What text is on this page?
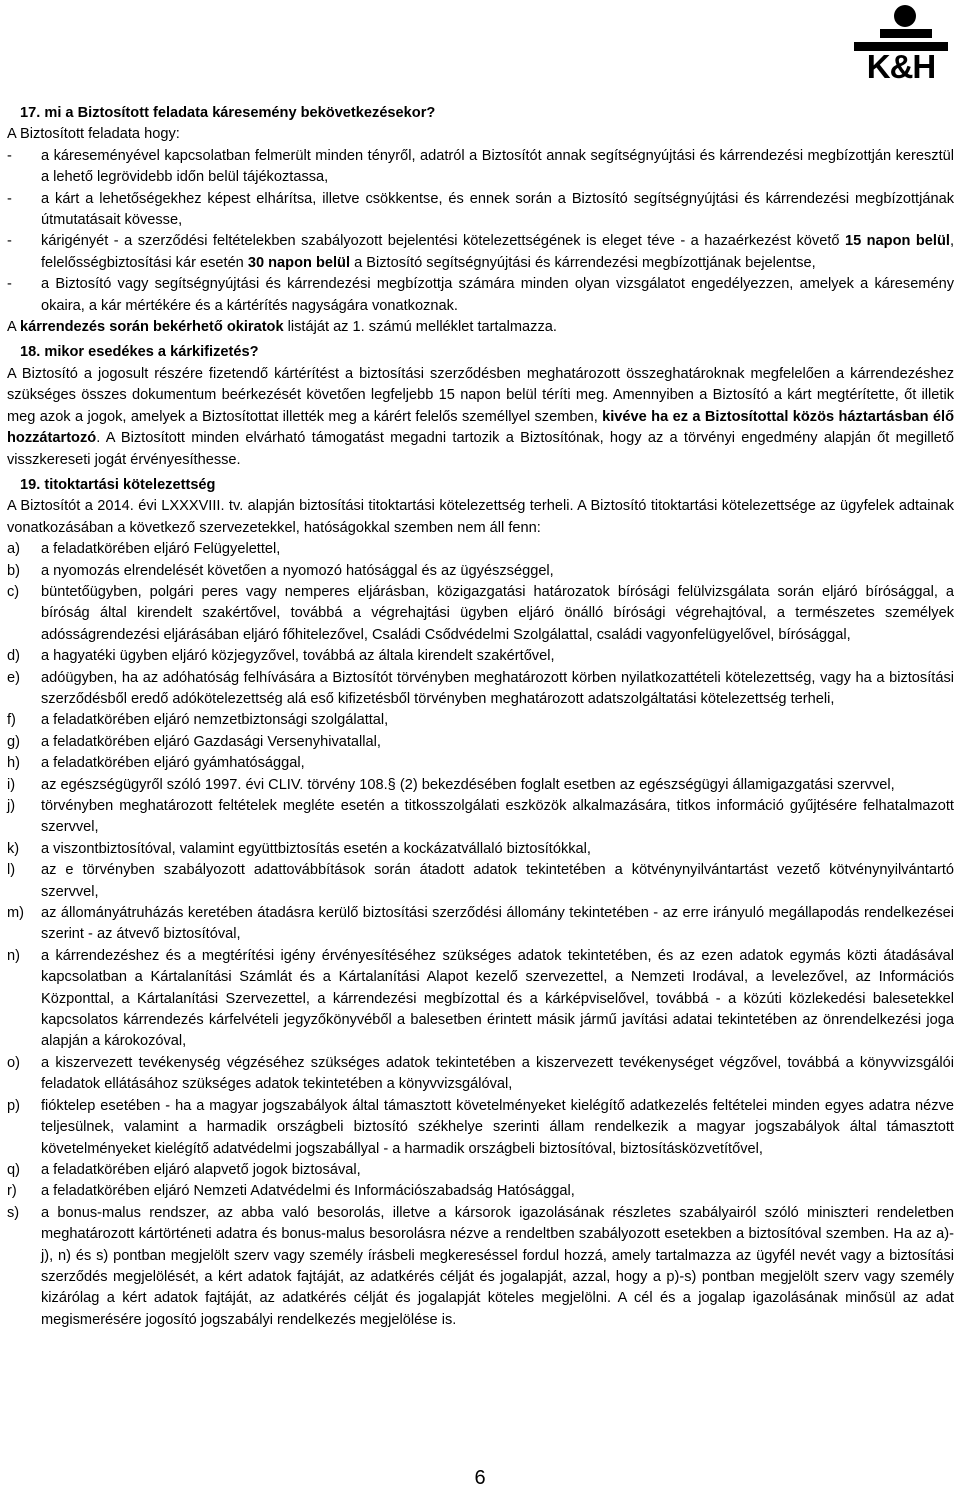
K&H

17. mi a Biztosított feladata káresemény bekövetkezésekor?

A Biztosított feladata hogy:

-	a káreseményével kapcsolatban felmerült minden tényről, adatról a Biztosítót annak segítségnyújtási és kárrendezési megbízottján keresztül a lehető legrövidebb időn belül tájékoztassa,
-	a kárt a lehetőségekhez képest elhárítsa, illetve csökkentse, és ennek során a Biztosító segítségnyújtási és kárrendezési megbízottjának útmutatásait kövesse,
-	kárigényét - a szerződési feltételekben szabályozott bejelentési kötelezettségének is eleget téve - a hazaérkezést követő 15 napon belül, felelősségbiztosítási kár esetén 30 napon belül a Biztosító segítségnyújtási és kárrendezési megbízottjának bejelentse,
-	a Biztosító vagy segítségnyújtási és kárrendezési megbízottja számára minden olyan vizsgálatot engedélyezzen, amelyek a káresemény okaira, a kár mértékére és a kártérítés nagyságára vonatkoznak.

A kárrendezés során bekérhető okiratok listáját az 1. számú melléklet tartalmazza.

18. mikor esedékes a kárkifizetés?

A Biztosító a jogosult részére fizetendő kártérítést a biztosítási szerződésben meghatározott összeghatároknak megfelelően a kárrendezéshez szükséges összes dokumentum beérkezését követően legfeljebb 15 napon belül téríti meg. Amennyiben a Biztosító a kárt megtérítette, őt illetik meg azok a jogok, amelyek a Biztosítottat illették meg a kárért felelős személlyel szemben, kivéve ha ez a Biztosítottal közös háztartásban élő hozzátartozó. A Biztosított minden elvárható támogatást megadni tartozik a Biztosítónak, hogy az a törvényi engedmény alapján őt megillető visszkereseti jogát érvényesíthesse.

19. titoktartási kötelezettség

A Biztosítót a 2014. évi LXXXVIII. tv. alapján biztosítási titoktartási kötelezettség terheli. A Biztosító titoktartási kötelezettsége az ügyfelek adtainak vonatkozásában a következő szervezetekkel, hatóságokkal szemben nem áll fenn:

a)	a feladatkörében eljáró Felügyelettel,
b)	a nyomozás elrendelését követően a nyomozó hatósággal és az ügyészséggel,
c)	büntetőügyben, polgári peres vagy nemperes eljárásban, közigazgatási határozatok bírósági felülvizsgálata során eljáró bírósággal, a bíróság által kirendelt szakértővel, továbbá a végrehajtási ügyben eljáró önálló bírósági végrehajtóval, a természetes személyek adósságrendezési eljárásában eljáró főhitelezővel, Családi Csődvédelmi Szolgálattal, családi vagyonfelügyelővel, bírósággal,
d)	a hagyatéki ügyben eljáró közjegyzővel, továbbá az általa kirendelt szakértővel,
e)	adóügyben, ha az adóhatóság felhívására a Biztosítót törvényben meghatározott körben nyilatkozattételi kötelezettség, vagy ha a biztosítási szerződésből eredő adókötelezettség alá eső kifizetésből törvényben meghatározott adatszolgáltatási kötelezettség terheli,
f)	a feladatkörében eljáró nemzetbiztonsági szolgálattal,
g)	a feladatkörében eljáró Gazdasági Versenyhivatallal,
h)	a feladatkörében eljáró gyámhatósággal,
i)	az egészségügyről szóló 1997. évi CLIV. törvény 108.§ (2) bekezdésében foglalt esetben az egészségügyi államigazgatási szervvel,
j)	törvényben meghatározott feltételek megléte esetén a titkosszolgálati eszközök alkalmazására, titkos információ gyűjtésére felhatalmazott szervvel,
k)	a viszontbiztosítóval, valamint együttbiztosítás esetén a kockázatvállaló biztosítókkal,
l)	az e törvényben szabályozott adattovábbítások során átadott adatok tekintetében a kötvénynyilvántartást vezető kötvénynyilvántartó szervvel,
m)	az állományátruházás keretében átadásra kerülő biztosítási szerződési állomány tekintetében - az erre irányuló megállapodás rendelkezései szerint - az átvevő biztosítóval,
n)	a kárrendezéshez és a megtérítési igény érvényesítéséhez szükséges adatok tekintetében, és az ezen adatok egymás közti átadásával kapcsolatban a Kártalanítási Számlát és a Kártalanítási Alapot kezelő szervezettel, a Nemzeti Irodával, a levelezővel, az Információs Központtal, a Kártalanítási Szervezettel, a kárrendezési megbízottal és a kárképviselővel, továbbá - a közúti közlekedési balesetekkel kapcsolatos kárrendezés kárfelvételi jegyzőkönyvéből a balesetben érintett másik jármű javítási adatai tekintetében az önrendelkezési joga alapján a károkozóval,
o)	a kiszervezett tevékenység végzéséhez szükséges adatok tekintetében a kiszervezett tevékenységet végzővel, továbbá a könyvvizsgálói feladatok ellátásához szükséges adatok tekintetében a könyvvizsgálóval,
p)	fióktelep esetében - ha a magyar jogszabályok által támasztott követelményeket kielégítő adatkezelés feltételei minden egyes adatra nézve teljesülnek, valamint a harmadik országbeli biztosító székhelye szerinti állam rendelkezik a magyar jogszabályok által támasztott követelményeket kielégítő adatvédelmi jogszabállyal - a harmadik országbeli biztosítóval, biztosításközvetítővel,
q)	a feladatkörében eljáró alapvető jogok biztosával,
r)	a feladatkörében eljáró Nemzeti Adatvédelmi és Információszabadság Hatósággal,
s)	a bonus-malus rendszer, az abba való besorolás, illetve a kársorok igazolásának részletes szabályairól szóló miniszteri rendeletben meghatározott kártörténeti adatra és bonus-malus besorolásra nézve a rendeltben szabályozott esetekben a biztosítóval szemben. Ha az a)-j), n) és s) pontban megjelölt szerv vagy személy írásbeli megkereséssel fordul hozzá, amely tartalmazza az ügyfél nevét vagy a biztosítási szerződés megjelölését, a kért adatok fajtáját, az adatkérés célját és jogalapját, azzal, hogy a p)-s) pontban megjelölt szerv vagy személy kizárólag a kért adatok fajtáját, az adatkérés célját és jogalapját köteles megjelölni. A cél és a jogalap igazolásának minősül az adat megismerésére jogosító jogszabályi rendelkezés megjelölése is.
6
